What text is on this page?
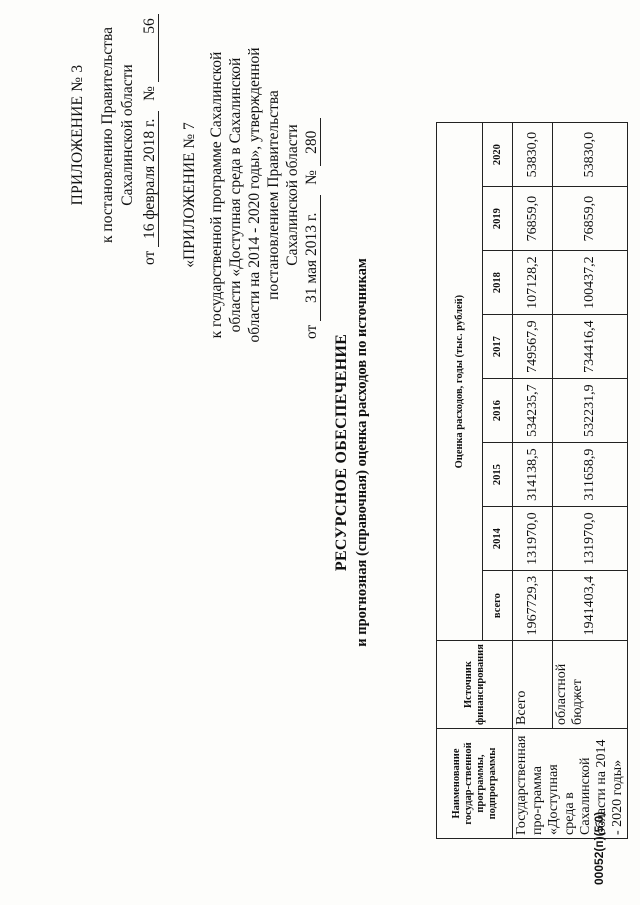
ПРИЛОЖЕНИЕ № 3 к постановлению Правительства Сахалинской области
от 16 февраля 2018 г. № 56
«ПРИЛОЖЕНИЕ № 7 к государственной программе Сахалинской области «Доступная среда в Сахалинской области на 2014 - 2020 годы», утвержденной постановлением Правительства Сахалинской области
от 31 мая 2013 г. № 280
РЕСУРСНОЕ ОБЕСПЕЧЕНИЕ и прогнозная (справочная) оценка расходов по источникам
Наименование государ-ственной программы, подпрограммы	Источник финансирования	Оценка расходов, годы (тыс. рублей)							
		всего	2014	2015	2016	2017	2018	2019	2020
Государственная про-грамма «Доступная среда в Сахалинской области на 2014 - 2020 годы»	Всего	1967729,3	131970,0	314138,5	534235,7	749567,9	107128,2	76859,0	53830,0
	областной бюджет	1941403,4	131970,0	311658,9	532231,9	734416,4	100437,2	76859,0	53830,0
00052(п)(5.0)
